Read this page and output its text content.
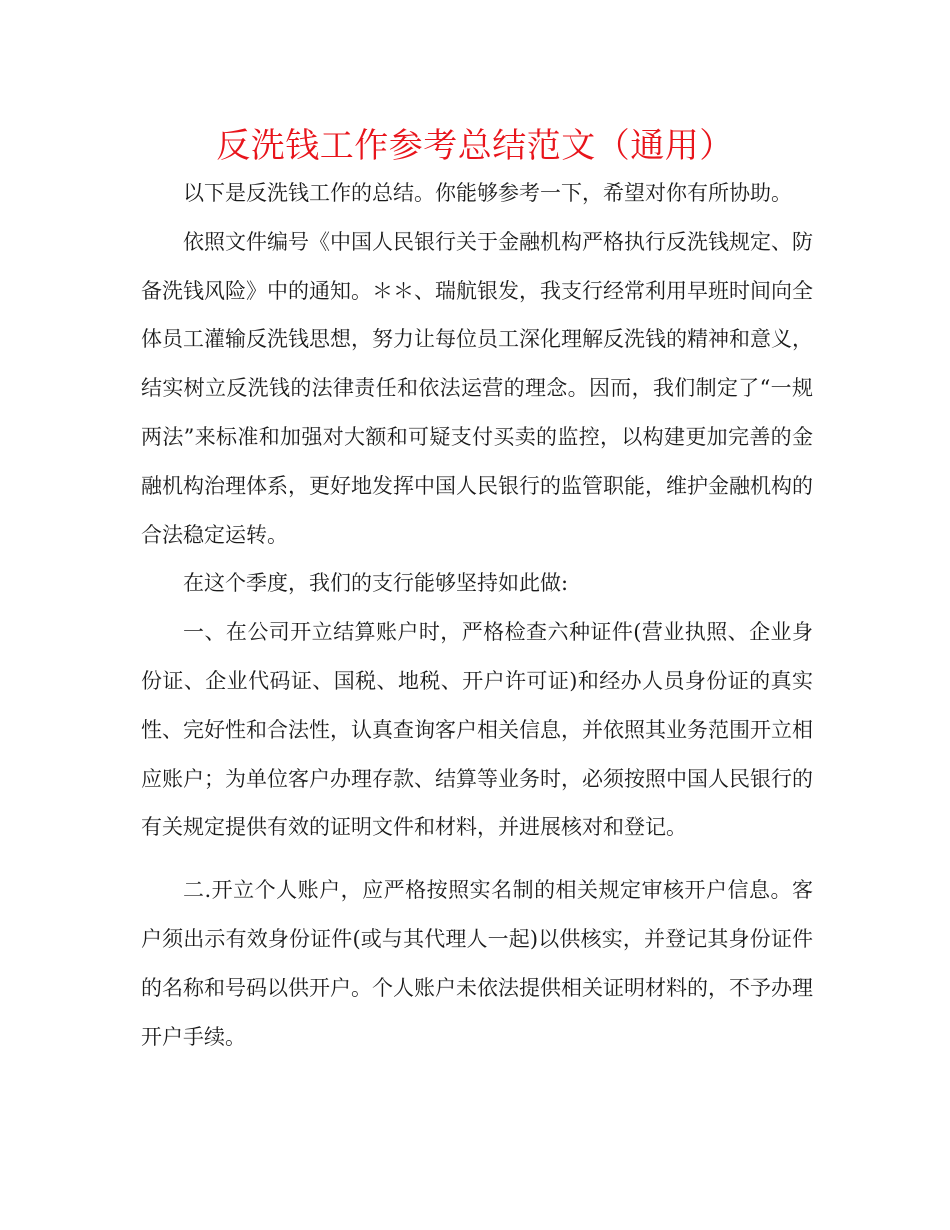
反洗钱工作参考总结范文（通用）

以下是反洗钱工作的总结。你能够参考一下，希望对你有所协助。

依照文件编号《中国人民银行关于金融机构严格执行反洗钱规定、防备洗钱风险》中的通知。＊＊、瑞航银发，我支行经常利用早班时间向全体员工灌输反洗钱思想，努力让每位员工深化理解反洗钱的精神和意义，结实树立反洗钱的法律责任和依法运营的理念。因而，我们制定了“一规两法”来标准和加强对大额和可疑支付买卖的监控，以构建更加完善的金融机构治理体系，更好地发挥中国人民银行的监管职能，维护金融机构的合法稳定运转。

在这个季度，我们的支行能够坚持如此做:

一、在公司开立结算账户时，严格检查六种证件(营业执照、企业身份证、企业代码证、国税、地税、开户许可证)和经办人员身份证的真实性、完好性和合法性，认真查询客户相关信息，并依照其业务范围开立相应账户；为单位客户办理存款、结算等业务时，必须按照中国人民银行的有关规定提供有效的证明文件和材料，并进展核对和登记。

二.开立个人账户，应严格按照实名制的相关规定审核开户信息。客户须出示有效身份证件(或与其代理人一起)以供核实，并登记其身份证件的名称和号码以供开户。个人账户未依法提供相关证明材料的，不予办理开户手续。
